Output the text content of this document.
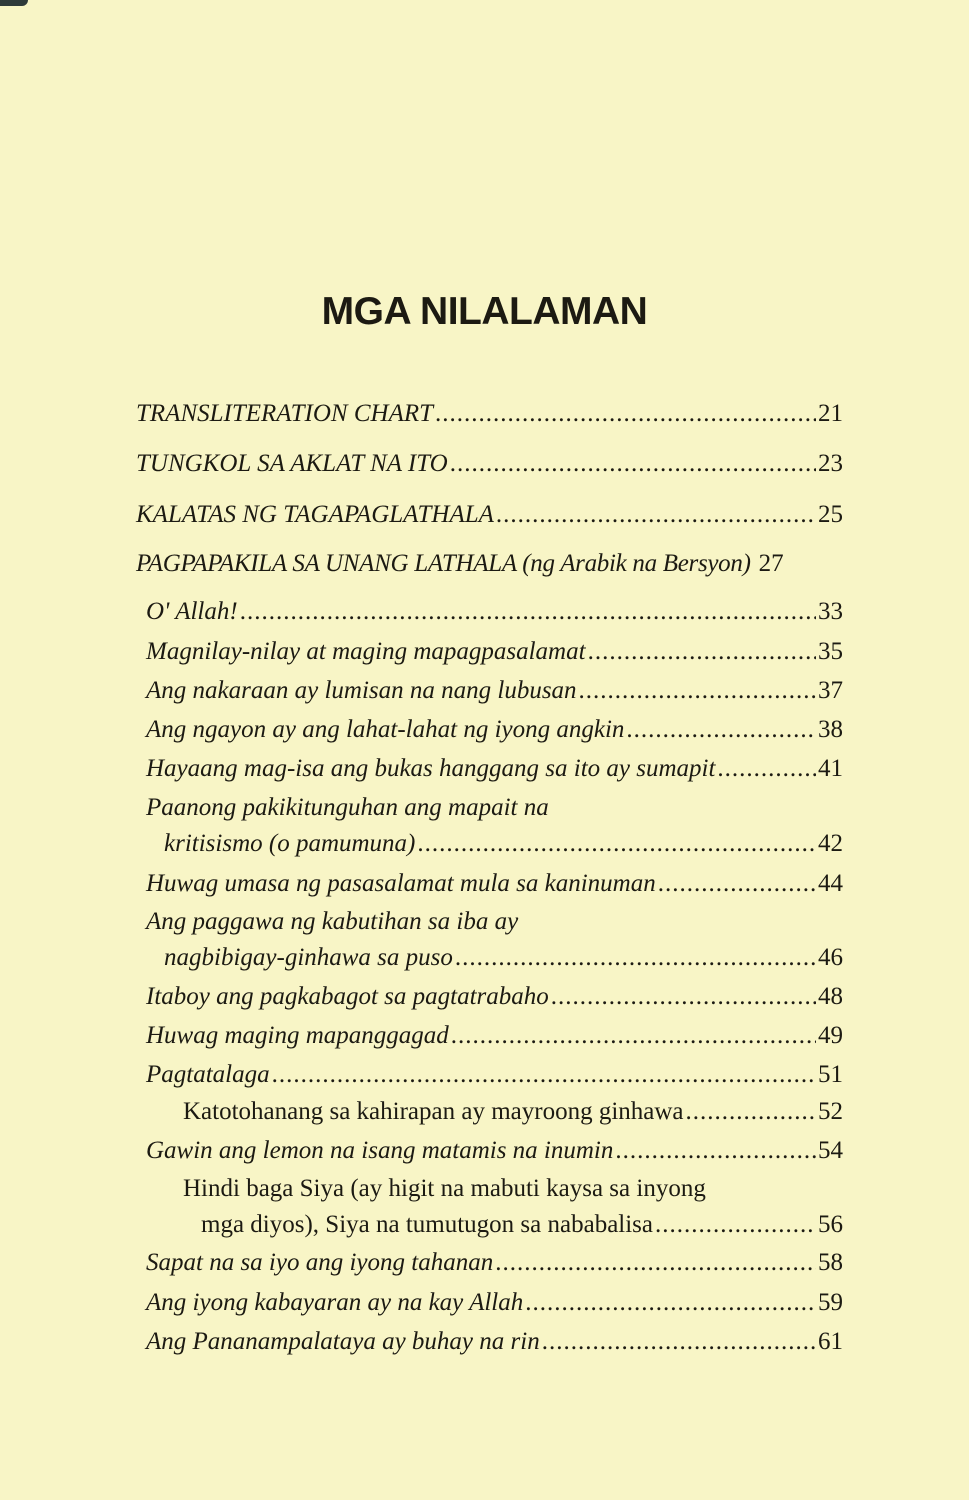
MGA NILALAMAN
TRANSLITERATION CHART .....	21
TUNGKOL SA AKLAT NA ITO .....	23
KALATAS NG TAGAPAGLATHALA .....	25
PAGPAPAKILA SA UNANG LATHALA (ng Arabik na Bersyon) 27
O' Allah! .....	33
Magnilay-nilay at maging mapagpasalamat .....	35
Ang nakaraan ay lumisan na nang lubusan .....	37
Ang ngayon ay ang lahat-lahat ng iyong angkin .....	38
Hayaang mag-isa ang bukas hanggang sa ito ay sumapit .....	41
Paanong pakikitunguhan ang mapait na
kritisismo (o pamumuna) .....	42
Huwag umasa ng pasasalamat mula sa kaninuman .....	44
Ang paggawa ng kabutihan sa iba ay
nagbibigay-ginhawa sa puso .....	46
Itaboy ang pagkabagot sa pagtatrabaho .....	48
Huwag maging mapanggagad .....	49
Pagtatalaga .....	51
Katotohanang sa kahirapan ay mayroong ginhawa .....	52
Gawin ang lemon na isang matamis na inumin .....	54
Hindi baga Siya (ay higit na mabuti kaysa sa inyong
mga diyos), Siya na tumutugon sa nababalisa .....	56
Sapat na sa iyo ang iyong tahanan .....	58
Ang iyong kabayaran ay na kay Allah .....	59
Ang Pananampalataya ay buhay na rin .....	61
